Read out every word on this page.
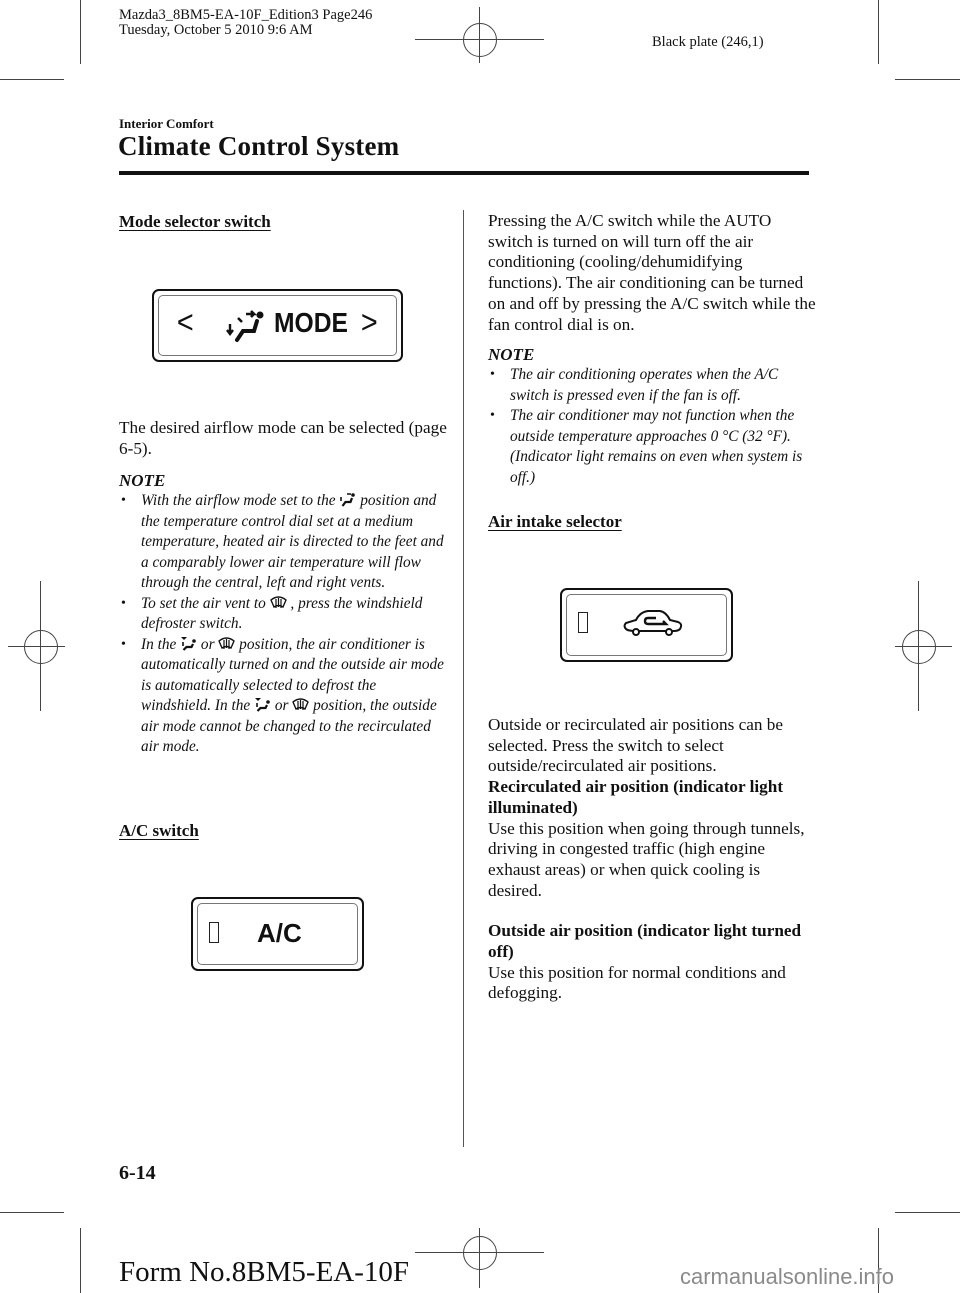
Mazda3_8BM5-EA-10F_Edition3 Page246
Tuesday, October 5 2010 9:6 AM
Black plate (246,1)
Interior Comfort
Climate Control System
Mode selector switch
<	MODE >

The desired airflow mode can be selected (page 6-5).

NOTE
• With the airflow mode set to the  position and the temperature control dial set at a medium temperature, heated air is directed to the feet and a comparably lower air temperature will flow through the central, left and right vents.
• To set the air vent to  , press the windshield defroster switch.
• In the  or  position, the air conditioner is automatically turned on and the outside air mode is automatically selected to defrost the windshield. In the  or  position, the outside air mode cannot be changed to the recirculated air mode.
A/C switch
A/C

Pressing the A/C switch while the AUTO switch is turned on will turn off the air conditioning (cooling/dehumidifying functions). The air conditioning can be turned on and off by pressing the A/C switch while the fan control dial is on.

NOTE
• The air conditioning operates when the A/C switch is pressed even if the fan is off.
• The air conditioner may not function when the outside temperature approaches 0 °C (32 °F). (Indicator light remains on even when system is off.)
Air intake selector

Outside or recirculated air positions can be selected. Press the switch to select outside/recirculated air positions.

Recirculated air position (indicator light illuminated)

Use this position when going through tunnels, driving in congested traffic (high engine exhaust areas) or when quick cooling is desired.

Outside air position (indicator light turned off)

Use this position for normal conditions and defogging.

6-14
Form No.8BM5-EA-10F	carmanualsonline.info
